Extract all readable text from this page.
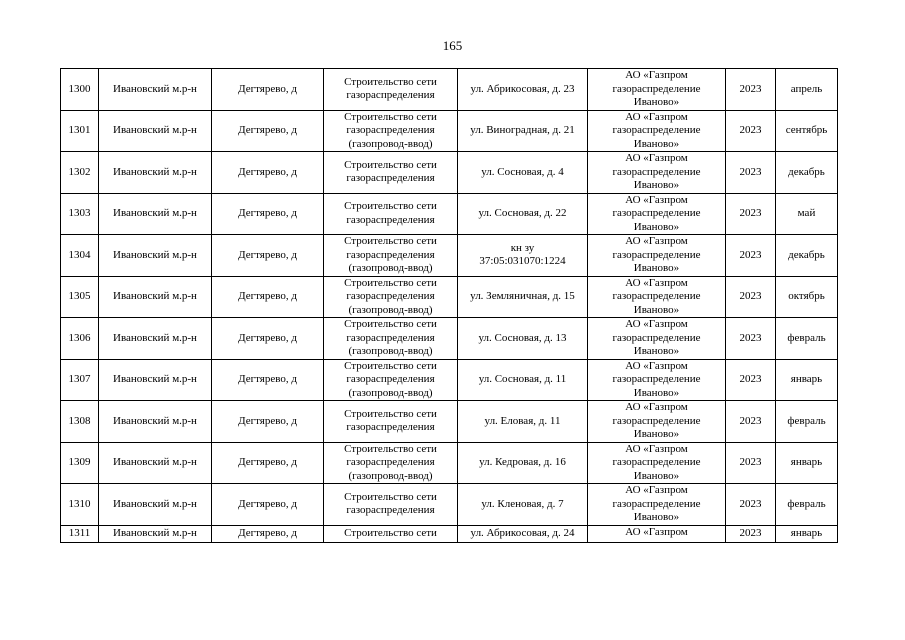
165
1300	Ивановский м.р-н	Дегтярево, д	Строительство сети
газораспределения	ул. Абрикосовая, д. 23	АО «Газпром
газораспределение
Иваново»	2023	апрель
1301	Ивановский м.р-н	Дегтярево, д	Строительство сети
газораспределения
(газопровод-ввод)	ул. Виноградная, д. 21	АО «Газпром
газораспределение
Иваново»	2023	сентябрь
1302	Ивановский м.р-н	Дегтярево, д	Строительство сети
газораспределения	ул. Сосновая, д. 4	АО «Газпром
газораспределение
Иваново»	2023	декабрь
1303	Ивановский м.р-н	Дегтярево, д	Строительство сети
газораспределения	ул. Сосновая, д. 22	АО «Газпром
газораспределение
Иваново»	2023	май
1304	Ивановский м.р-н	Дегтярево, д	Строительство сети
газораспределения
(газопровод-ввод)	кн зу
37:05:031070:1224	АО «Газпром
газораспределение
Иваново»	2023	декабрь
1305	Ивановский м.р-н	Дегтярево, д	Строительство сети
газораспределения
(газопровод-ввод)	ул. Земляничная, д. 15	АО «Газпром
газораспределение
Иваново»	2023	октябрь
1306	Ивановский м.р-н	Дегтярево, д	Строительство сети
газораспределения
(газопровод-ввод)	ул. Сосновая, д. 13	АО «Газпром
газораспределение
Иваново»	2023	февраль
1307	Ивановский м.р-н	Дегтярево, д	Строительство сети
газораспределения
(газопровод-ввод)	ул. Сосновая, д. 11	АО «Газпром
газораспределение
Иваново»	2023	январь
1308	Ивановский м.р-н	Дегтярево, д	Строительство сети
газораспределения	ул. Еловая, д. 11	АО «Газпром
газораспределение
Иваново»	2023	февраль
1309	Ивановский м.р-н	Дегтярево, д	Строительство сети
газораспределения
(газопровод-ввод)	ул. Кедровая, д. 16	АО «Газпром
газораспределение
Иваново»	2023	январь
1310	Ивановский м.р-н	Дегтярево, д	Строительство сети
газораспределения	ул. Кленовая, д. 7	АО «Газпром
газораспределение
Иваново»	2023	февраль
1311	Ивановский м.р-н	Дегтярево, д	Строительство сети	ул. Абрикосовая, д. 24	АО «Газпром	2023	январь
